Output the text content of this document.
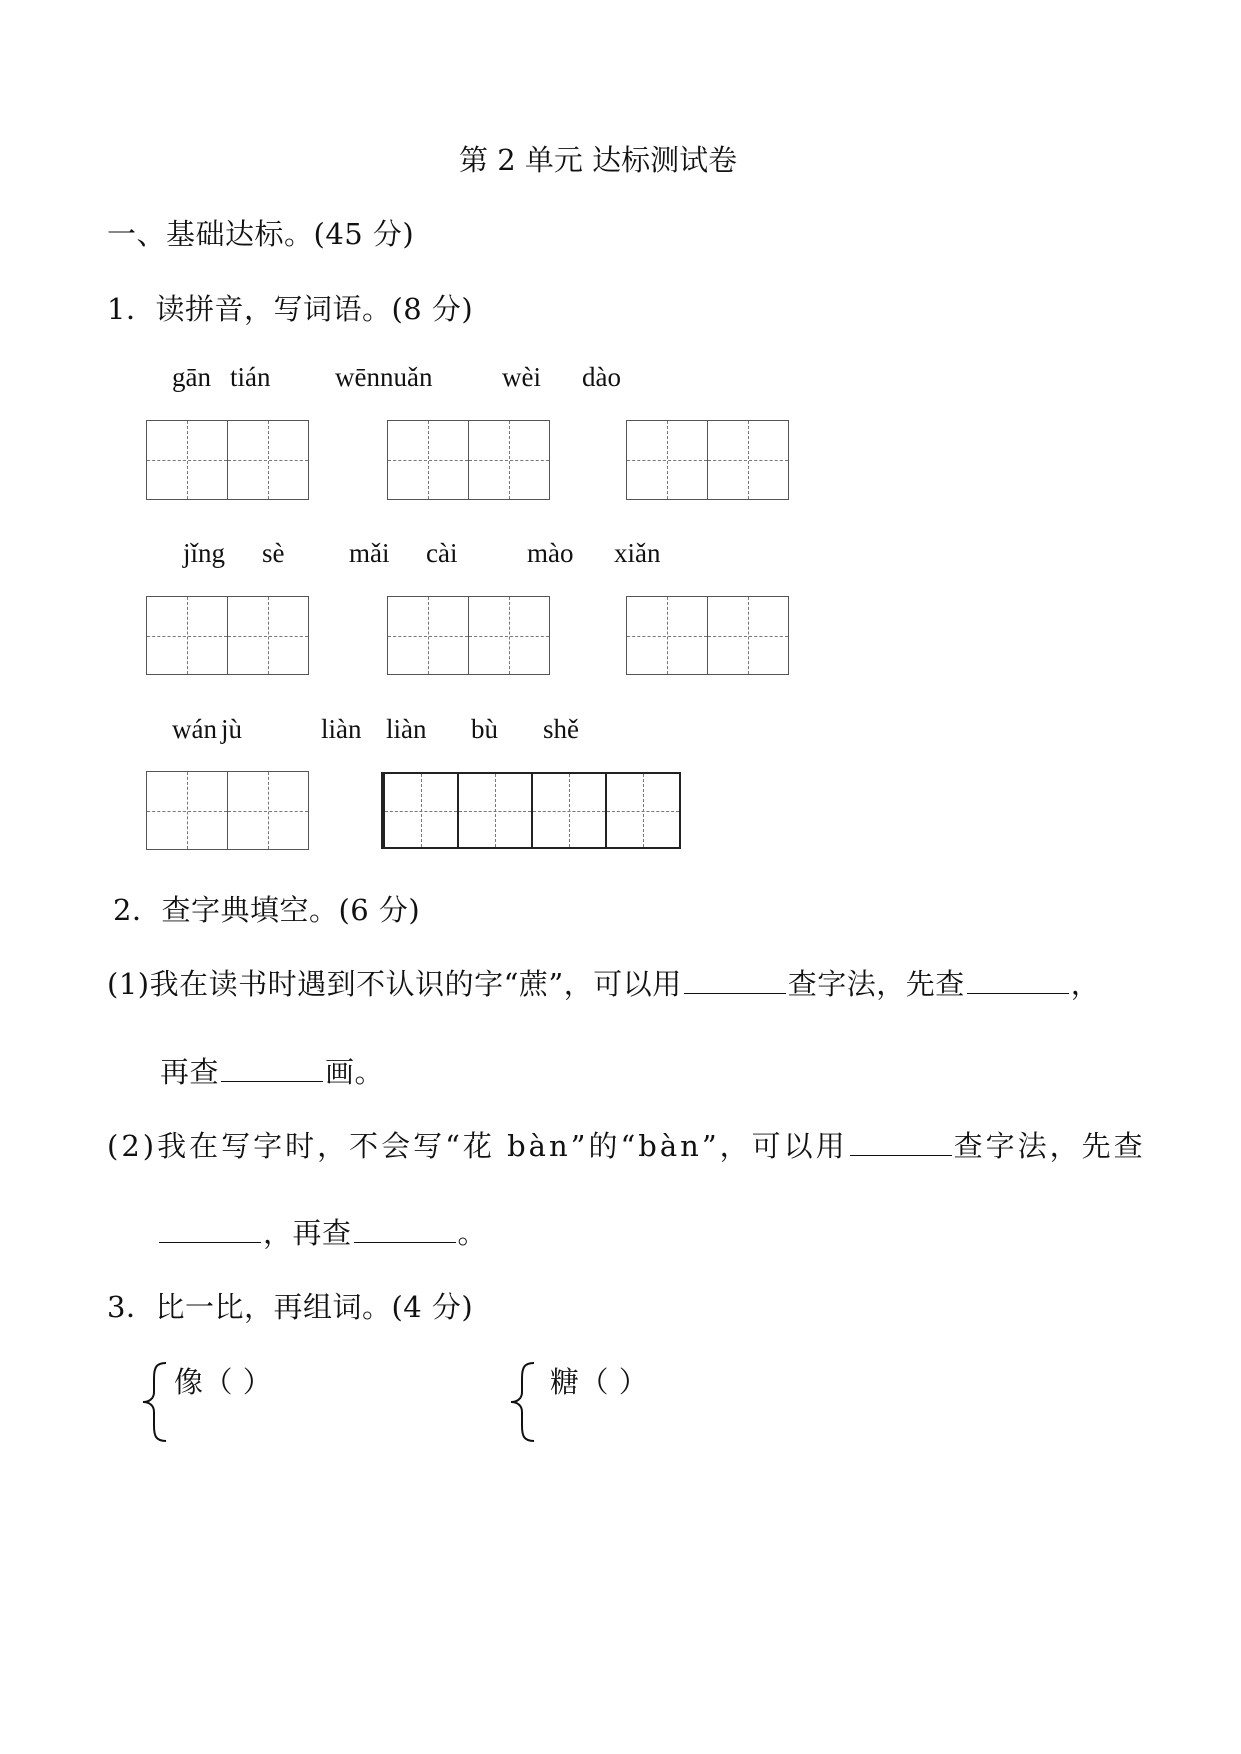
第 2 单元 达标测试卷
一、基础达标。(45 分)
1．读拼音，写词语。(8 分)
gān tián wēn nuǎn	wèi dào
jǐng sè mǎi cài	mào xiǎn
wán jù	liàn liàn bù shě
2．查字典填空。(6 分)
(1)我在读书时遇到不认识的字“蔗”，可以用	查字法，先查	，
再查	画。
(2)我在写字时，不会写“花 bàn”的“bàn”，可以用	查字法，先查
，再查	。
3．比一比，再组词。(4 分)
像（ ）	糖（ ）
